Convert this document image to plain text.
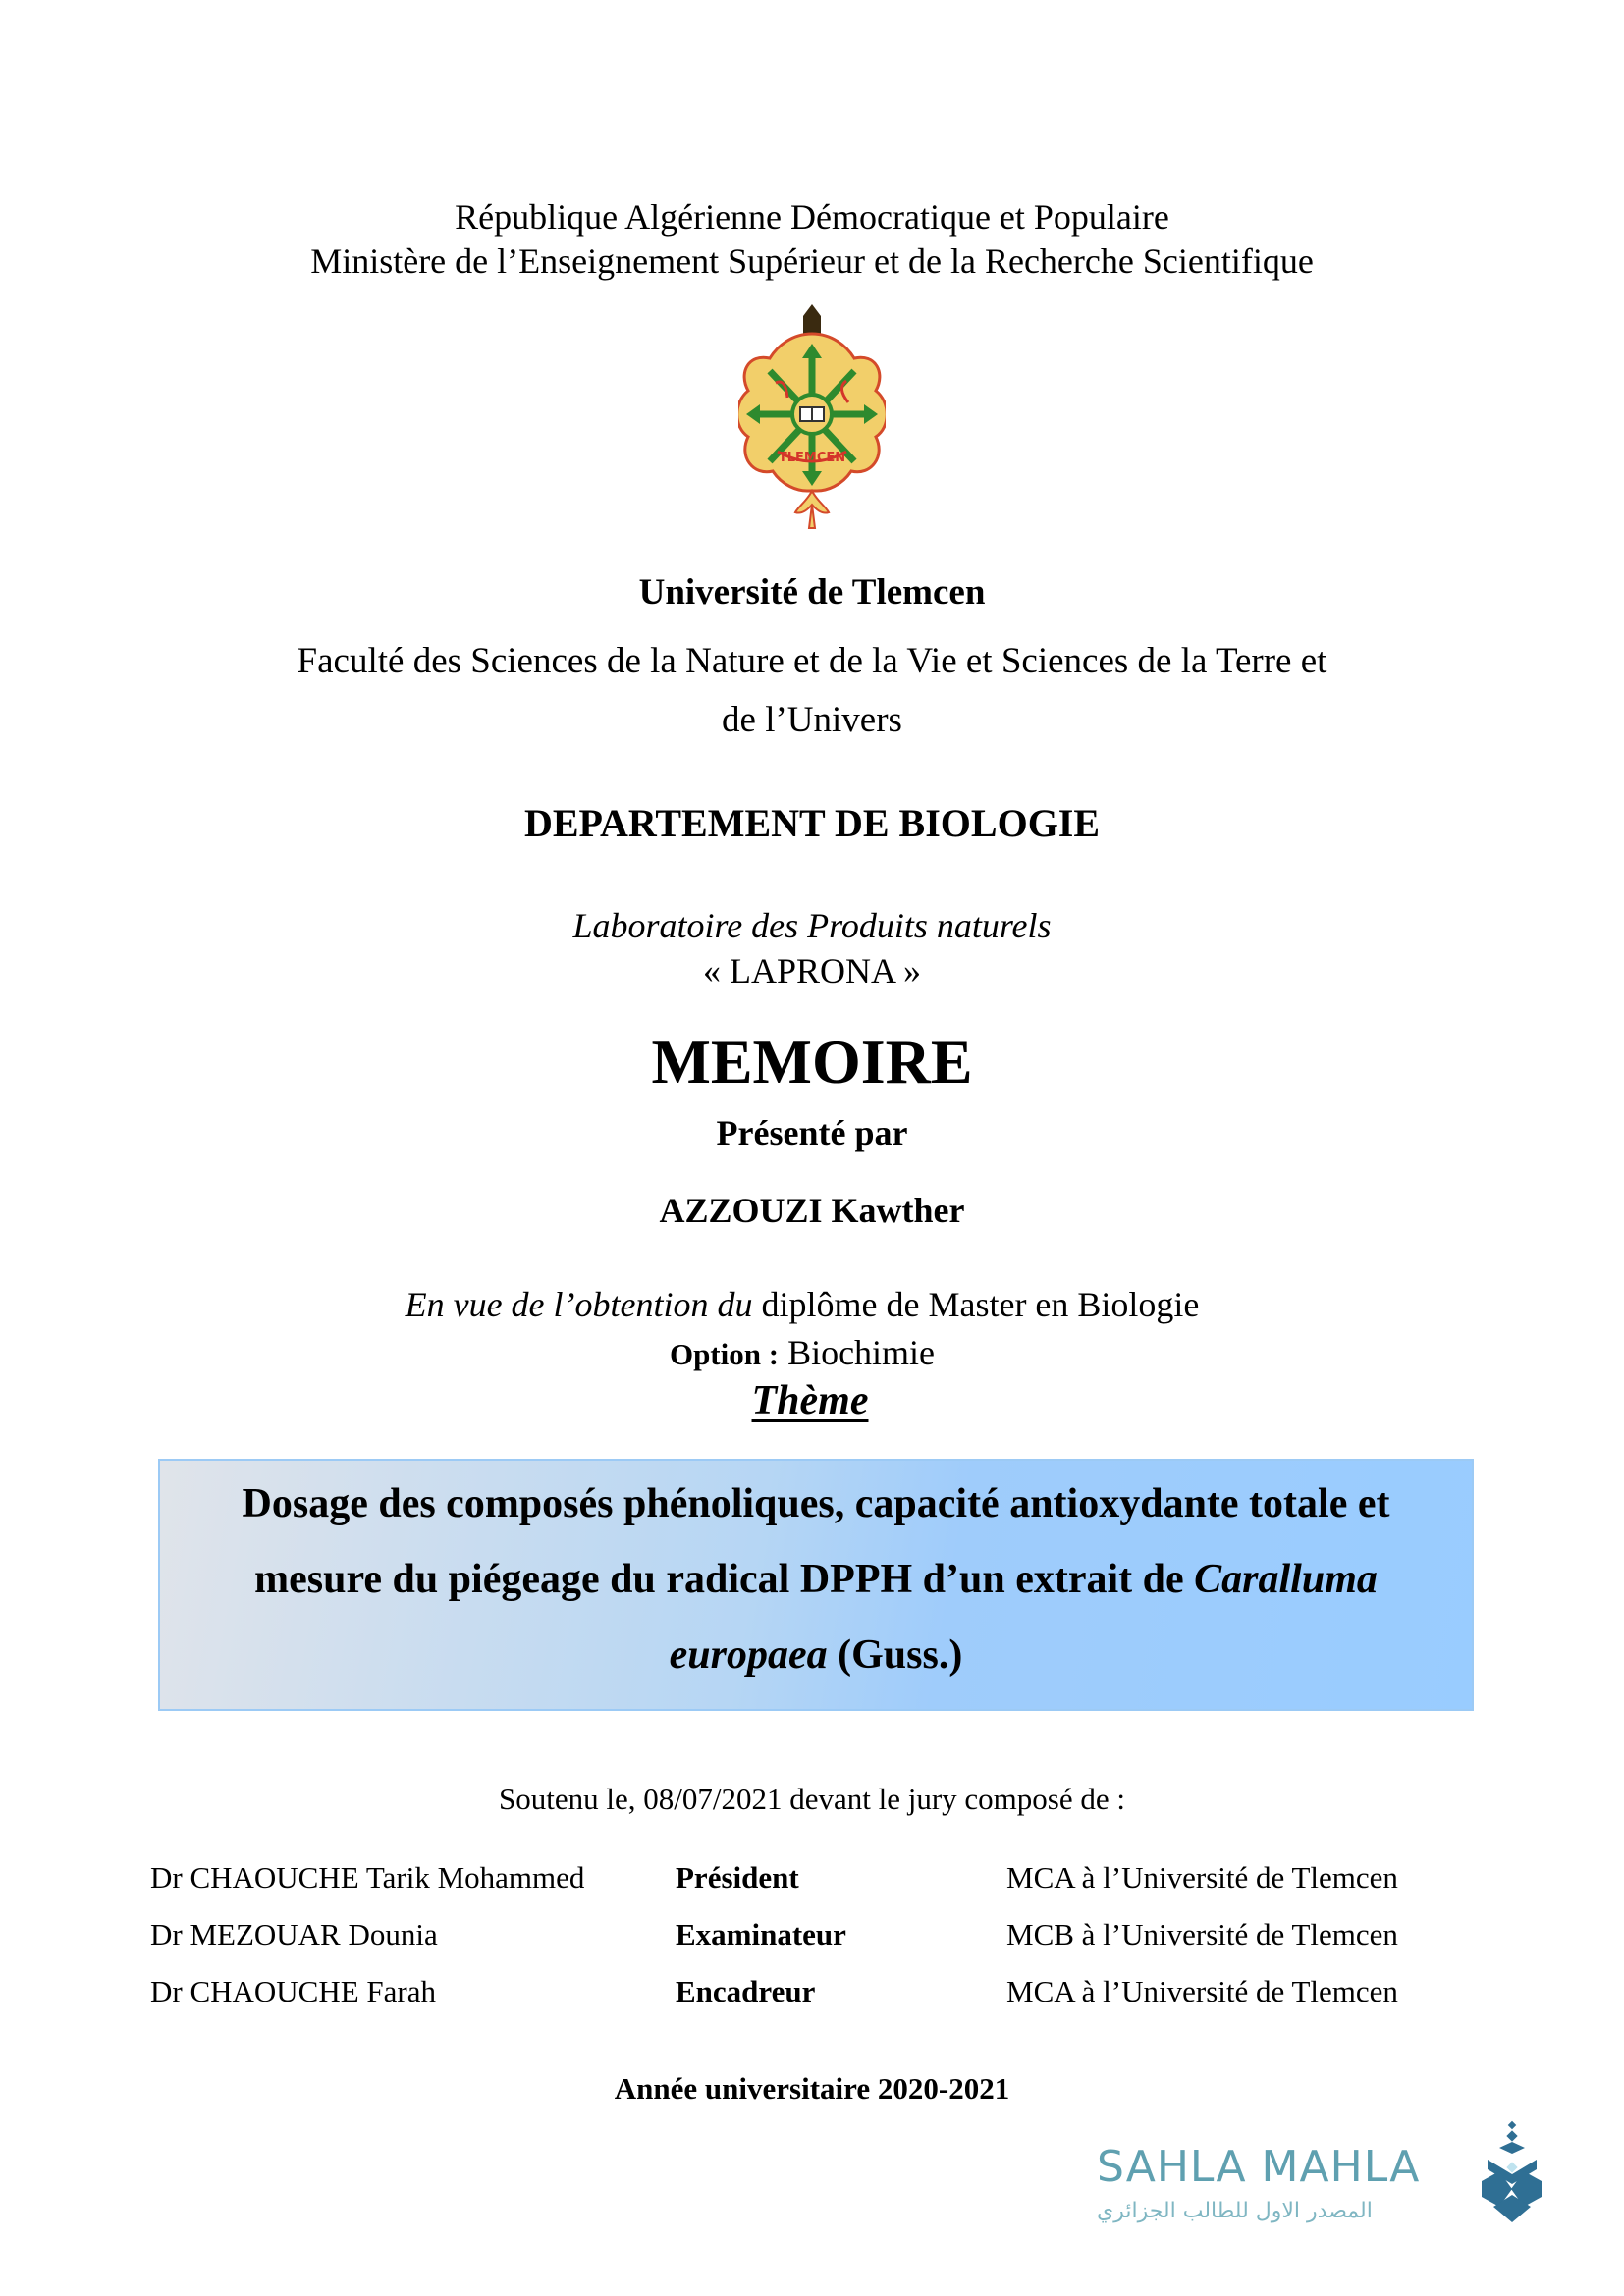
République Algérienne Démocratique et Populaire
Ministère de l’Enseignement Supérieur et de la Recherche Scientifique
TLEMCEN
Université de Tlemcen
Faculté des Sciences de la Nature et de la Vie et Sciences de la Terre et
de l’Univers
DEPARTEMENT DE BIOLOGIE
Laboratoire des Produits naturels
« LAPRONA »
MEMOIRE
Présenté par
AZZOUZI Kawther
En vue de l’obtention du diplôme de Master en Biologie
Option : Biochimie
Thème
Dosage des composés phénoliques, capacité antioxydante totale et
mesure du piégeage du radical DPPH d’un extrait de Caralluma
europaea (Guss.)
Soutenu le, 08/07/2021 devant le jury composé de :
Dr CHAOUCHE Tarik Mohammed	Président	MCA à l’Université de Tlemcen
Dr MEZOUAR Dounia	Examinateur	MCB à l’Université de Tlemcen
Dr CHAOUCHE Farah	Encadreur	MCA à l’Université de Tlemcen
Année universitaire 2020-2021
SAHLA MAHLA
المصدر الاول للطالب الجزائري
